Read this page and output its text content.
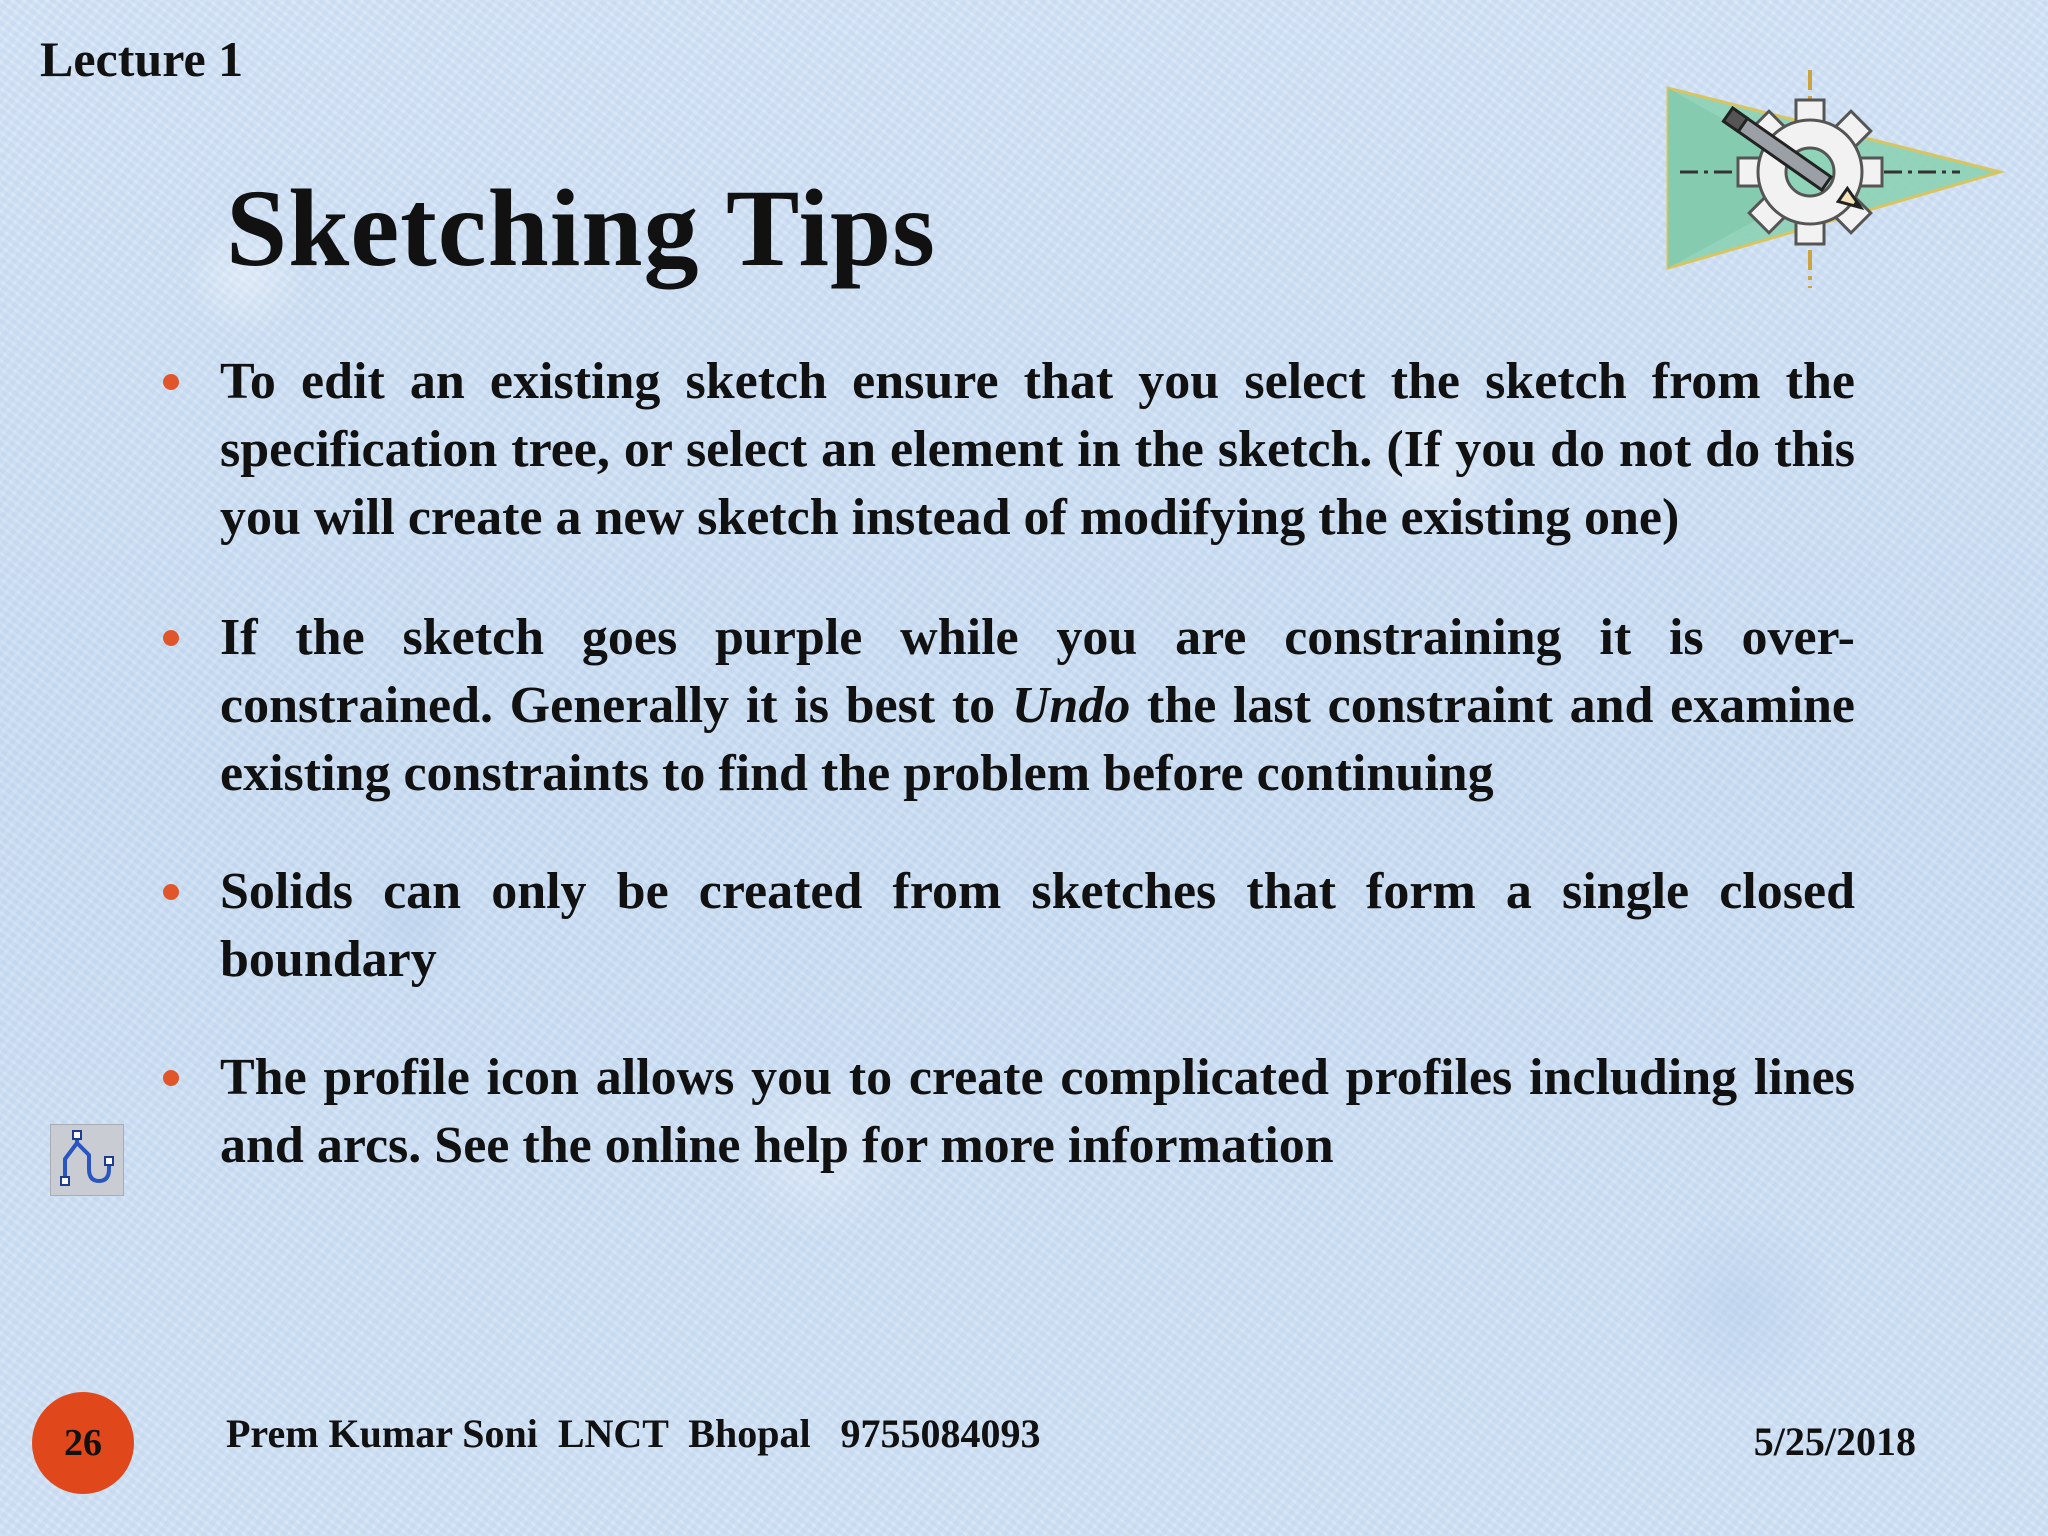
Lecture 1
Sketching Tips
To edit an existing sketch ensure that you select the sketch from the specification tree, or select an element in the sketch. (If you do not do this you will create a new sketch instead of modifying the existing one)
If the sketch goes purple while you are constraining it is over-constrained. Generally it is best to Undo the last constraint and examine existing constraints to find the problem before continuing
Solids can only be created from sketches that form a single closed boundary
The profile icon allows you to create complicated profiles including lines and arcs. See the online help for more information
26	Prem Kumar Soni  LNCT  Bhopal   9755084093	5/25/2018
